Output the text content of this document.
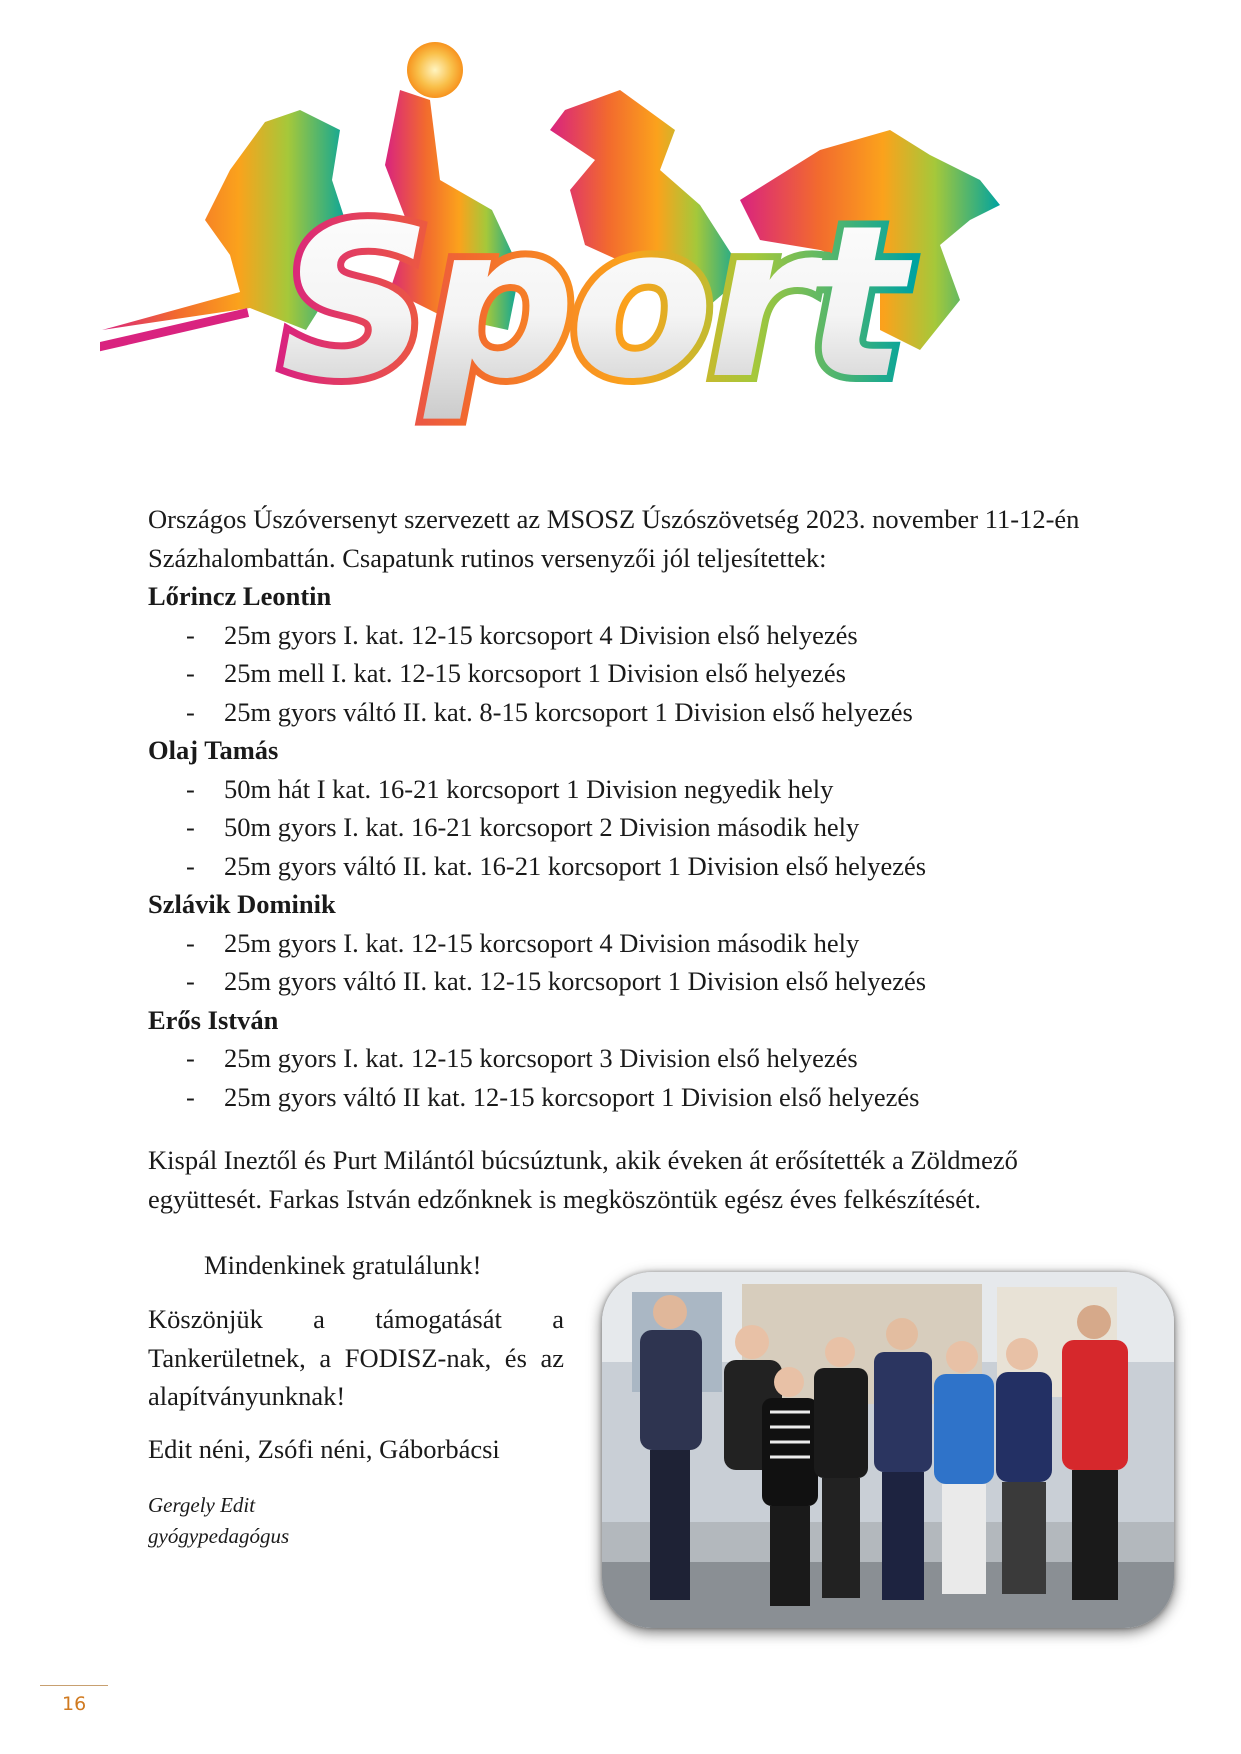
Sport

Országos Úszóversenyt szervezett az MSOSZ Úszószövetség 2023. november 11-12-én Százhalombattán. Csapatunk rutinos versenyzői jól teljesítettek:

Lőrincz Leontin

- 25m gyors I. kat. 12-15 korcsoport 4 Division első helyezés
- 25m mell I. kat. 12-15 korcsoport 1 Division első helyezés
- 25m gyors váltó II. kat. 8-15 korcsoport 1 Division első helyezés

Olaj Tamás

- 50m hát I kat. 16-21 korcsoport 1 Division negyedik hely
- 50m gyors I. kat. 16-21 korcsoport 2 Division második hely
- 25m gyors váltó II. kat. 16-21 korcsoport 1 Division első helyezés

Szlávik Dominik

- 25m gyors I. kat. 12-15 korcsoport 4 Division második hely
- 25m gyors váltó II. kat. 12-15 korcsoport 1 Division első helyezés

Erős István

- 25m gyors I. kat. 12-15 korcsoport 3 Division első helyezés
- 25m gyors váltó II kat. 12-15 korcsoport 1 Division első helyezés

Kispál Ineztől és Purt Milántól búcsúztunk, akik éveken át erősítették a Zöldmező együttesét. Farkas István edzőnknek is megköszöntük egész éves felkészítését.

Mindenkinek gratulálunk!
Köszönjük a támogatását a Tankerületnek, a FODISZ-nak, és az alapítványunknak!
Edit néni, Zsófi néni, Gáborbácsi
Gergely Edit
gyógypedagógus
16
